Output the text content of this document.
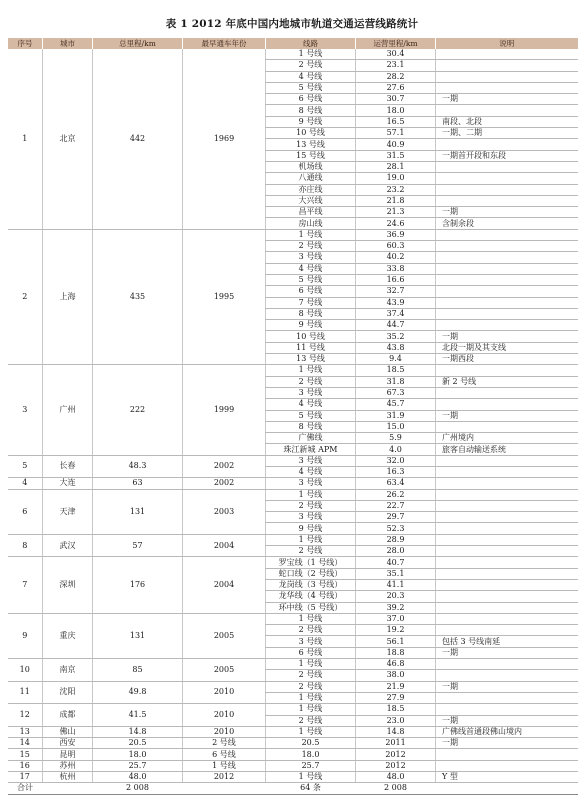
表 1 2012 年底中国内地城市轨道交通运营线路统计
序号	城市	总里程/km	最早通车年份	线路	运营里程/km	说明
1	北京	442	1969	1 号线	30.4	
				2 号线	23.1	
				4 号线	28.2	
				5 号线	27.6	
				6 号线	30.7	一期
				8 号线	18.0	
				9 号线	16.5	南段、北段
				10 号线	57.1	一期、二期
				13 号线	40.9	
				15 号线	31.5	一期首开段和东段
				机场线	28.1	
				八通线	19.0	
				亦庄线	23.2	
				大兴线	21.8	
				昌平线	21.3	一期
				房山线	24.6	含制余段
2	上海	435	1995	1 号线	36.9	
				2 号线	60.3	
				3 号线	40.2	
				4 号线	33.8	
				5 号线	16.6	
				6 号线	32.7	
				7 号线	43.9	
				8 号线	37.4	
				9 号线	44.7	
				10 号线	35.2	一期
				11 号线	43.8	北段一期及其支线
				13 号线	9.4	一期西段
3	广州	222	1999	1 号线	18.5	
				2 号线	31.8	新 2 号线
				3 号线	67.3	
				4 号线	45.7	
				5 号线	31.9	一期
				8 号线	15.0	
				广佛线	5.9	广州境内
				珠江新城 APM	4.0	旅客自动输送系统
5	长春	48.3	2002	3 号线	32.0	
				4 号线	16.3	
4	大连	63	2002	3 号线	63.4	
6	天津	131	2003	1 号线	26.2	
				2 号线	22.7	
				3 号线	29.7	
				9 号线	52.3	
8	武汉	57	2004	1 号线	28.9	
				2 号线	28.0	
7	深圳	176	2004	罗宝线（1 号线）	40.7	
				蛇口线（2 号线）	35.1	
				龙岗线（3 号线）	41.1	
				龙华线（4 号线）	20.3	
				环中线（5 号线）	39.2	
9	重庆	131	2005	1 号线	37.0	
				2 号线	19.2	
				3 号线	56.1	包括 3 号线南延
				6 号线	18.8	一期
10	南京	85	2005	1 号线	46.8	
				2 号线	38.0	
11	沈阳	49.8	2010	2 号线	21.9	一期
				1 号线	27.9	
12	成都	41.5	2010	1 号线	18.5	
				2 号线	23.0	一期
13	佛山	14.8	2010	1 号线	14.8	广佛线首通段佛山境内
14	西安	20.5	2 号线	20.5	2011	一期
15	昆明	18.0	6 号线	18.0	2012	
16	苏州	25.7	1 号线	25.7	2012	
17	杭州	48.0	2012	1 号线	48.0	Y 型
合计		2 008		64 条	2 008	
